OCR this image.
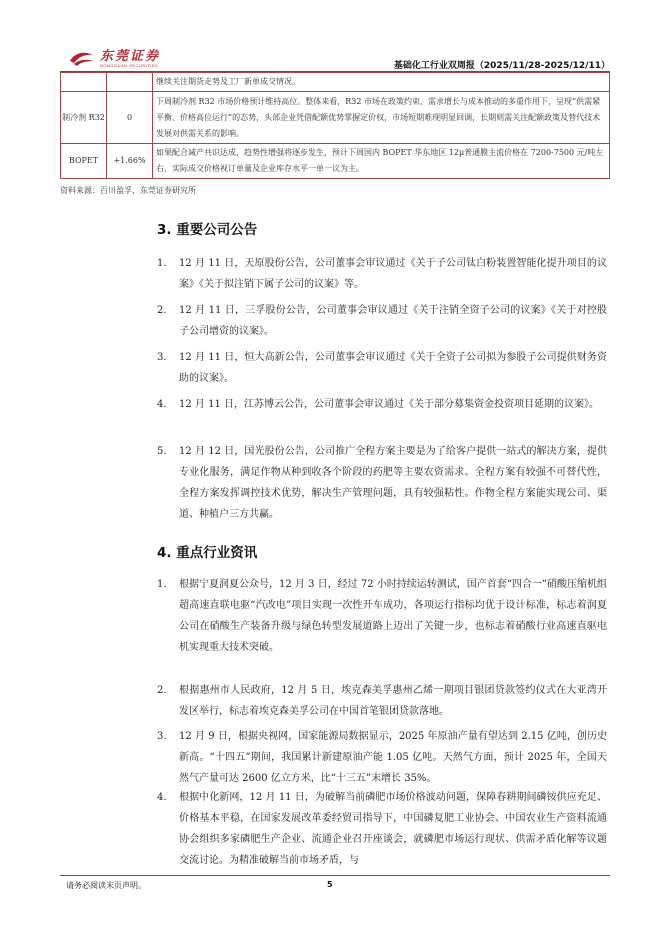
东莞证券
DONGGUAN SECURITIES	基础化工行业双周报（2025/11/28-2025/12/11）
		继续关注期货走势及工厂新单成交情况。
制冷剂 R32	0	下周制冷剂 R32 市场价格预计维持高位。整体来看，R32 市场在政策约束、需求增长与成本推动的多重作用下，呈现“供需紧平衡、价格高位运行”的态势，头部企业凭借配额优势掌握定价权，市场短期难现明显回调，长期则需关注配额政策及替代技术发展对供需关系的影响。
BOPET	+1.66%	如果配合减产共识达成，趋势性增强将逐步发生，预计下周国内 BOPET 华东地区 12μ普通膜主流价格在 7200-7500 元/吨左右，实际成交价格视订单量及企业库存水平一单一议为主。
资料来源：百川盈孚，东莞证券研究所
3. 重要公司公告
1. 12 月 11 日，天原股份公告，公司董事会审议通过《关于子公司钛白粉装置智能化提升项目的议案》《关于拟注销下属子公司的议案》等。
2. 12 月 11 日，三孚股份公告，公司董事会审议通过《关于注销全资子公司的议案》《关于对控股子公司增资的议案》。
3. 12 月 11 日，恒大高新公告，公司董事会审议通过《关于全资子公司拟为参股子公司提供财务资助的议案》。
4. 12 月 11 日，江苏博云公告，公司董事会审议通过《关于部分募集资金投资项目延期的议案》。
5. 12 月 12 日，国光股份公告，公司推广全程方案主要是为了给客户提供一站式的解决方案，提供专业化服务，满足作物从种到收各个阶段的药肥等主要农资需求。全程方案有较强不可替代性，全程方案发挥调控技术优势，解决生产管理问题，具有较强粘性。作物全程方案能实现公司、渠道、种植户三方共赢。
4. 重点行业资讯
1. 根据宁夏润夏公众号，12 月 3 日，经过 72 小时持续运转测试，国产首套“四合一”硝酸压缩机组超高速直联电驱“汽改电”项目实现一次性开车成功，各项运行指标均优于设计标准，标志着润夏公司在硝酸生产装备升级与绿色转型发展道路上迈出了关键一步，也标志着硝酸行业高速直驱电机实现重大技术突破。
2. 根据惠州市人民政府，12 月 5 日，埃克森美孚惠州乙烯一期项目银团贷款签约仪式在大亚湾开发区举行，标志着埃克森美孚公司在中国首笔银团贷款落地。
3. 12 月 9 日，根据央视网，国家能源局数据显示，2025 年原油产量有望达到 2.15 亿吨，创历史新高。“十四五”期间，我国累计新建原油产能 1.05 亿吨。天然气方面，预计 2025 年，全国天然气产量可达 2600 亿立方米，比“十三五”末增长 35%。
4. 根据中化新网，12 月 11 日，为破解当前磷肥市场价格波动问题，保障春耕期间磷铵供应充足、价格基本平稳，在国家发展改革委经贸司指导下，中国磷复肥工业协会、中国农业生产资料流通协会组织多家磷肥生产企业、流通企业召开座谈会，就磷肥市场运行现状、供需矛盾化解等议题交流讨论。为精准破解当前市场矛盾，与
请务必阅读末页声明。	5
